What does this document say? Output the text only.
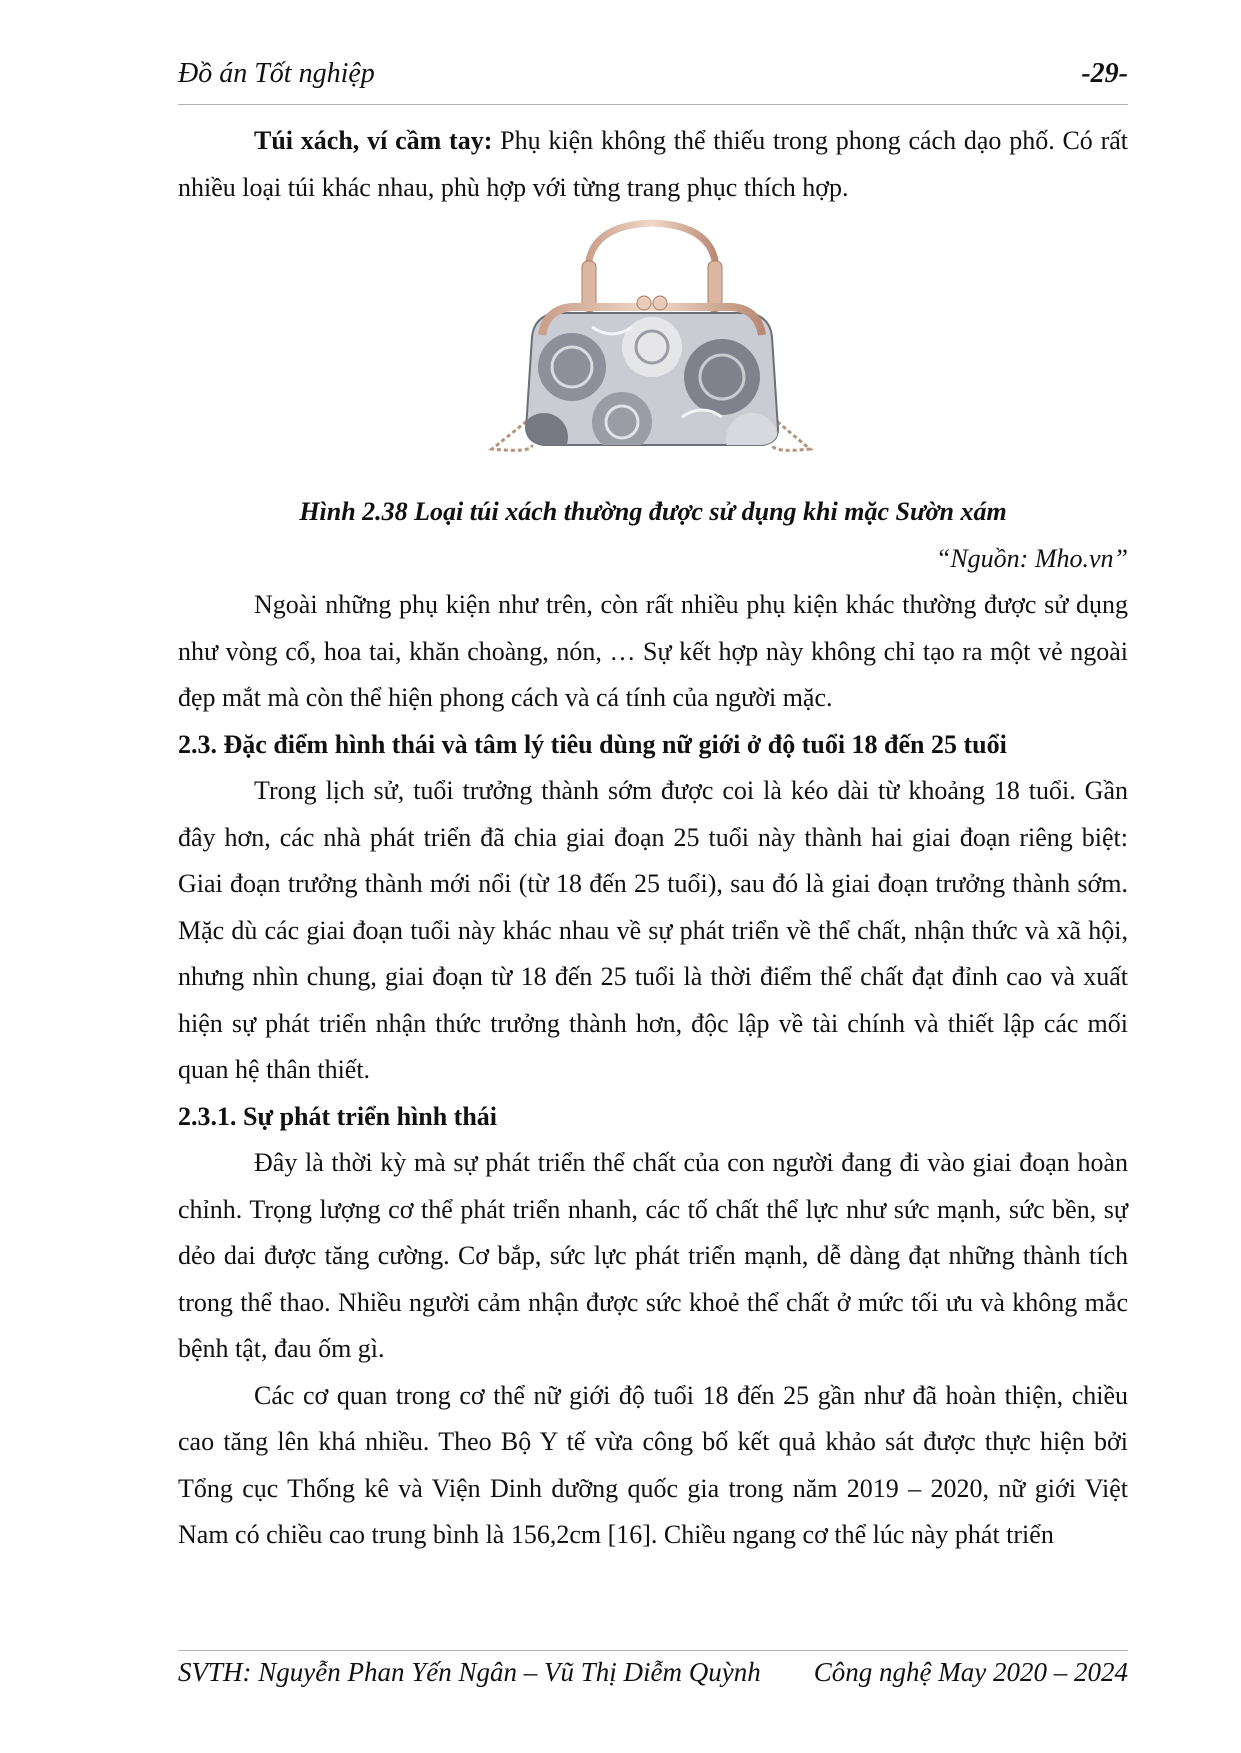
Đồ án Tốt nghiệp	-29-

Túi xách, ví cầm tay: Phụ kiện không thể thiếu trong phong cách dạo phố. Có rất nhiều loại túi khác nhau, phù hợp với từng trang phục thích hợp.

Hình 2.38 Loại túi xách thường được sử dụng khi mặc Sườn xám

“Nguồn: Mho.vn”

Ngoài những phụ kiện như trên, còn rất nhiều phụ kiện khác thường được sử dụng như vòng cổ, hoa tai, khăn choàng, nón, … Sự kết hợp này không chỉ tạo ra một vẻ ngoài đẹp mắt mà còn thể hiện phong cách và cá tính của người mặc.

2.3. Đặc điểm hình thái và tâm lý tiêu dùng nữ giới ở độ tuổi 18 đến 25 tuổi

Trong lịch sử, tuổi trưởng thành sớm được coi là kéo dài từ khoảng 18 tuổi. Gần đây hơn, các nhà phát triển đã chia giai đoạn 25 tuổi này thành hai giai đoạn riêng biệt: Giai đoạn trưởng thành mới nổi (từ 18 đến 25 tuổi), sau đó là giai đoạn trưởng thành sớm. Mặc dù các giai đoạn tuổi này khác nhau về sự phát triển về thể chất, nhận thức và xã hội, nhưng nhìn chung, giai đoạn từ 18 đến 25 tuổi là thời điểm thể chất đạt đỉnh cao và xuất hiện sự phát triển nhận thức trưởng thành hơn, độc lập về tài chính và thiết lập các mối quan hệ thân thiết.

2.3.1. Sự phát triển hình thái

Đây là thời kỳ mà sự phát triển thể chất của con người đang đi vào giai đoạn hoàn chỉnh. Trọng lượng cơ thể phát triển nhanh, các tố chất thể lực như sức mạnh, sức bền, sự dẻo dai được tăng cường. Cơ bắp, sức lực phát triển mạnh, dễ dàng đạt những thành tích trong thể thao. Nhiều người cảm nhận được sức khoẻ thể chất ở mức tối ưu và không mắc bệnh tật, đau ốm gì.

Các cơ quan trong cơ thể nữ giới độ tuổi 18 đến 25 gần như đã hoàn thiện, chiều cao tăng lên khá nhiều. Theo Bộ Y tế vừa công bố kết quả khảo sát được thực hiện bởi Tổng cục Thống kê và Viện Dinh dưỡng quốc gia trong năm 2019 – 2020, nữ giới Việt Nam có chiều cao trung bình là 156,2cm [16]. Chiều ngang cơ thể lúc này phát triển

SVTH: Nguyễn Phan Yến Ngân – Vũ Thị Diễm Quỳnh Công nghệ May 2020 – 2024
